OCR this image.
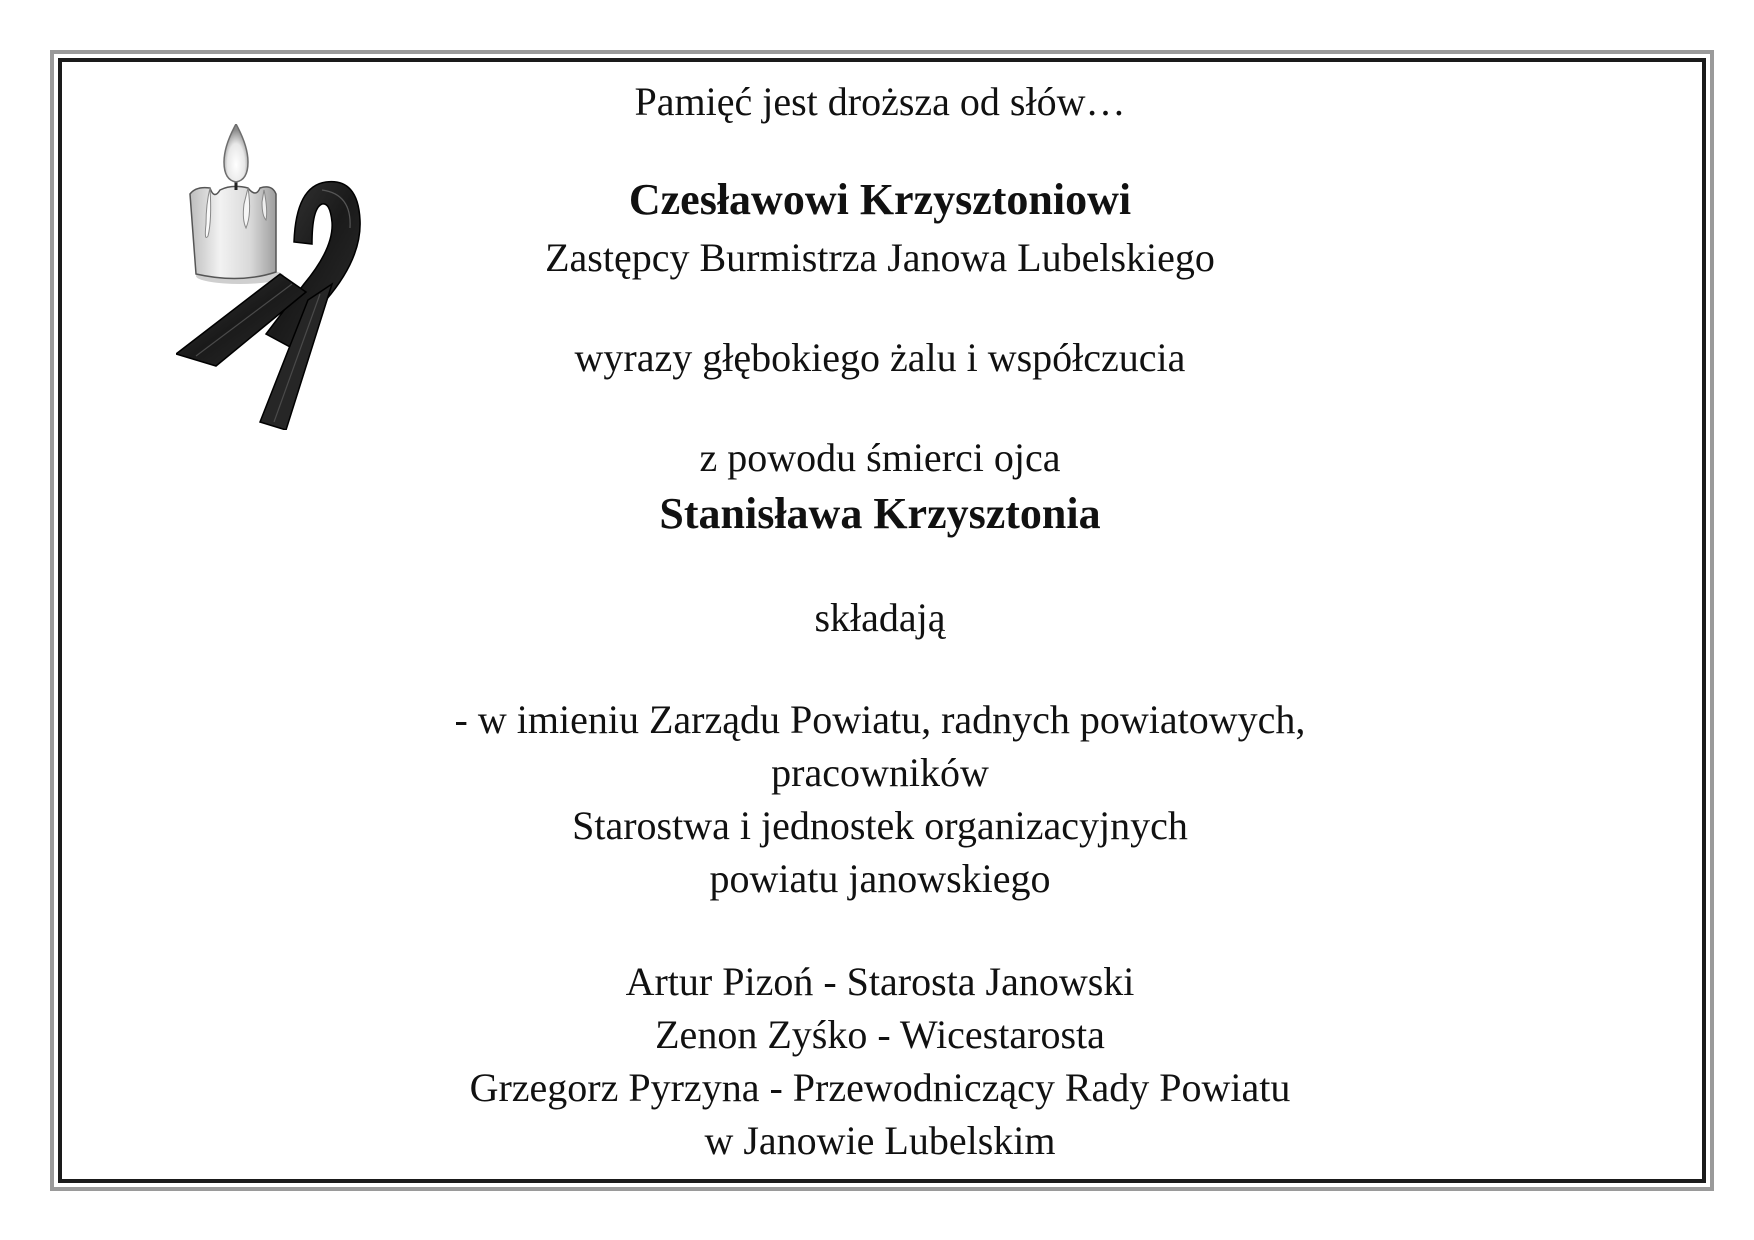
Pamięć jest droższa od słów…
Czesławowi Krzysztoniowi
Zastępcy Burmistrza Janowa Lubelskiego
wyrazy głębokiego żalu i współczucia
z powodu śmierci ojca
Stanisława Krzysztonia
składają
- w imieniu Zarządu Powiatu, radnych powiatowych,
pracowników
Starostwa i jednostek organizacyjnych
powiatu janowskiego
Artur Pizoń - Starosta Janowski
Zenon Zyśko - Wicestarosta
Grzegorz Pyrzyna - Przewodniczący Rady Powiatu
w Janowie Lubelskim
